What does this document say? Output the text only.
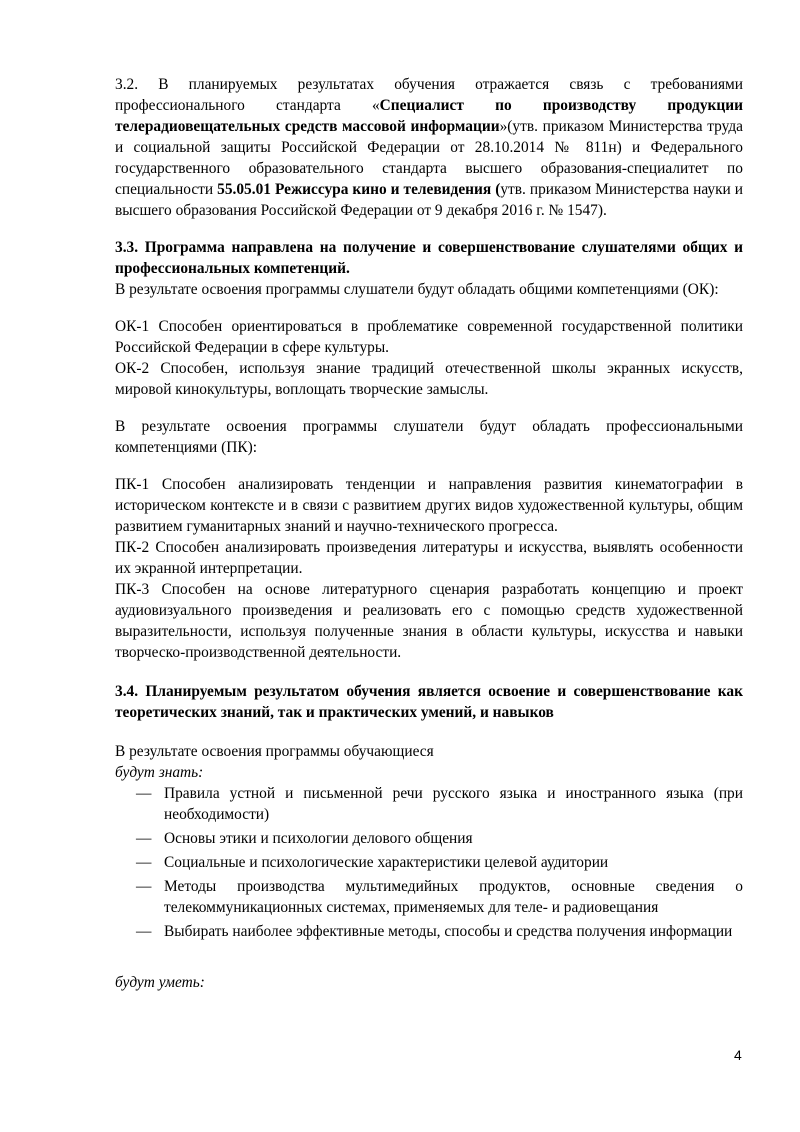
3.2. В планируемых результатах обучения отражается связь с требованиями профессионального стандарта «Специалист по производству продукции телерадиовещательных средств массовой информации»(утв. приказом Министерства труда и социальной защиты Российской Федерации от 28.10.2014 № 811н) и Федерального государственного образовательного стандарта высшего образования-специалитет по специальности 55.05.01 Режиссура кино и телевидения (утв. приказом Министерства науки и высшего образования Российской Федерации от 9 декабря 2016 г. № 1547).

3.3. Программа направлена на получение и совершенствование слушателями общих и профессиональных компетенций.

В результате освоения программы слушатели будут обладать общими компетенциями (ОК):

ОК-1 Способен ориентироваться в проблематике современной государственной политики Российской Федерации в сфере культуры.

ОК-2 Способен, используя знание традиций отечественной школы экранных искусств, мировой кинокультуры, воплощать творческие замыслы.

В результате освоения программы слушатели будут обладать профессиональными компетенциями (ПК):

ПК-1 Способен анализировать тенденции и направления развития кинематографии в историческом контексте и в связи с развитием других видов художественной культуры, общим развитием гуманитарных знаний и научно-технического прогресса.

ПК-2 Способен анализировать произведения литературы и искусства, выявлять особенности их экранной интерпретации.

ПК-3 Способен на основе литературного сценария разработать концепцию и проект аудиовизуального произведения и реализовать его с помощью средств художественной выразительности, используя полученные знания в области культуры, искусства и навыки творческо-производственной деятельности.

3.4. Планируемым результатом обучения является освоение и совершенствование как теоретических знаний, так и практических умений, и навыков

В результате освоения программы обучающиеся

будут знать:

— Правила устной и письменной речи русского языка и иностранного языка (при необходимости)
— Основы этики и психологии делового общения
— Социальные и психологические характеристики целевой аудитории
— Методы производства мультимедийных продуктов, основные сведения о телекоммуникационных системах, применяемых для теле- и радиовещания
— Выбирать наиболее эффективные методы, способы и средства получения информации

будут уметь:

4
